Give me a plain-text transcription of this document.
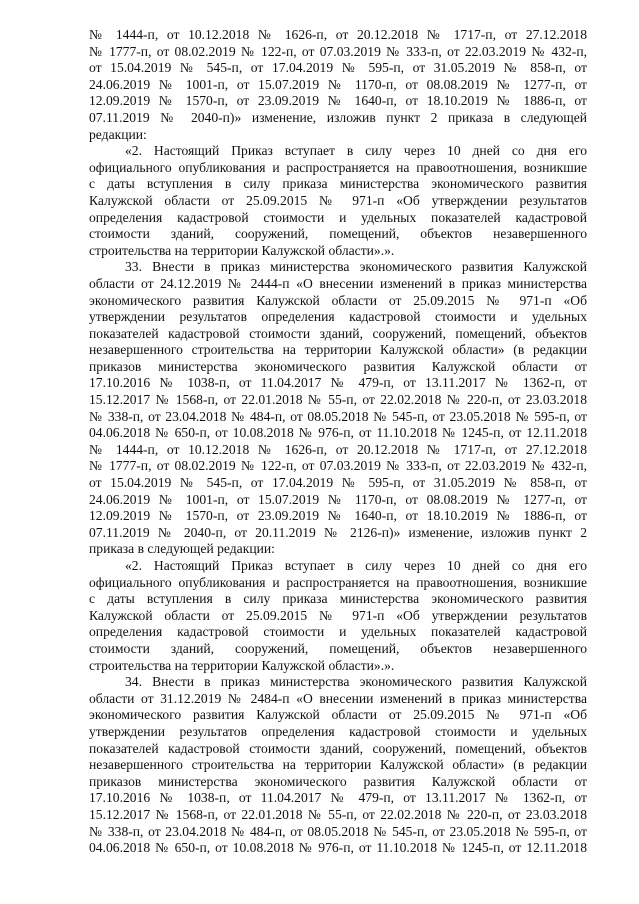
№ 1444-п, от 10.12.2018 № 1626-п, от 20.12.2018 № 1717-п, от 27.12.2018
№ 1777-п, от 08.02.2019 № 122-п, от 07.03.2019 № 333-п, от 22.03.2019 № 432-п,
от 15.04.2019 № 545-п, от 17.04.2019 № 595-п, от 31.05.2019 № 858-п, от
24.06.2019 № 1001-п, от 15.07.2019 № 1170-п, от 08.08.2019 № 1277-п, от
12.09.2019 № 1570-п, от 23.09.2019 № 1640-п, от 18.10.2019 № 1886-п, от
07.11.2019 № 2040-п)» изменение, изложив пункт 2 приказа в следующей
редакции:
«2. Настоящий Приказ вступает в силу через 10 дней со дня его
официального опубликования и распространяется на правоотношения, возникшие
с даты вступления в силу приказа министерства экономического развития
Калужской области от 25.09.2015 № 971-п «Об утверждении результатов
определения кадастровой стоимости и удельных показателей кадастровой
стоимости зданий, сооружений, помещений, объектов незавершенного
строительства на территории Калужской области».».
33. Внести в приказ министерства экономического развития Калужской
области от 24.12.2019 № 2444-п «О внесении изменений в приказ министерства
экономического развития Калужской области от 25.09.2015 № 971-п «Об
утверждении результатов определения кадастровой стоимости и удельных
показателей кадастровой стоимости зданий, сооружений, помещений, объектов
незавершенного строительства на территории Калужской области» (в редакции
приказов министерства экономического развития Калужской области от
17.10.2016 № 1038-п, от 11.04.2017 № 479-п, от 13.11.2017 № 1362-п, от
15.12.2017 № 1568-п, от 22.01.2018 № 55-п, от 22.02.2018 № 220-п, от 23.03.2018
№ 338-п, от 23.04.2018 № 484-п, от 08.05.2018 № 545-п, от 23.05.2018 № 595-п, от
04.06.2018 № 650-п, от 10.08.2018 № 976-п, от 11.10.2018 № 1245-п, от 12.11.2018
№ 1444-п, от 10.12.2018 № 1626-п, от 20.12.2018 № 1717-п, от 27.12.2018
№ 1777-п, от 08.02.2019 № 122-п, от 07.03.2019 № 333-п, от 22.03.2019 № 432-п,
от 15.04.2019 № 545-п, от 17.04.2019 № 595-п, от 31.05.2019 № 858-п, от
24.06.2019 № 1001-п, от 15.07.2019 № 1170-п, от 08.08.2019 № 1277-п, от
12.09.2019 № 1570-п, от 23.09.2019 № 1640-п, от 18.10.2019 № 1886-п, от
07.11.2019 № 2040-п, от 20.11.2019 № 2126-п)» изменение, изложив пункт 2
приказа в следующей редакции:
«2. Настоящий Приказ вступает в силу через 10 дней со дня его
официального опубликования и распространяется на правоотношения, возникшие
с даты вступления в силу приказа министерства экономического развития
Калужской области от 25.09.2015 № 971-п «Об утверждении результатов
определения кадастровой стоимости и удельных показателей кадастровой
стоимости зданий, сооружений, помещений, объектов незавершенного
строительства на территории Калужской области».».
34. Внести в приказ министерства экономического развития Калужской
области от 31.12.2019 № 2484-п «О внесении изменений в приказ министерства
экономического развития Калужской области от 25.09.2015 № 971-п «Об
утверждении результатов определения кадастровой стоимости и удельных
показателей кадастровой стоимости зданий, сооружений, помещений, объектов
незавершенного строительства на территории Калужской области» (в редакции
приказов министерства экономического развития Калужской области от
17.10.2016 № 1038-п, от 11.04.2017 № 479-п, от 13.11.2017 № 1362-п, от
15.12.2017 № 1568-п, от 22.01.2018 № 55-п, от 22.02.2018 № 220-п, от 23.03.2018
№ 338-п, от 23.04.2018 № 484-п, от 08.05.2018 № 545-п, от 23.05.2018 № 595-п, от
04.06.2018 № 650-п, от 10.08.2018 № 976-п, от 11.10.2018 № 1245-п, от 12.11.2018
